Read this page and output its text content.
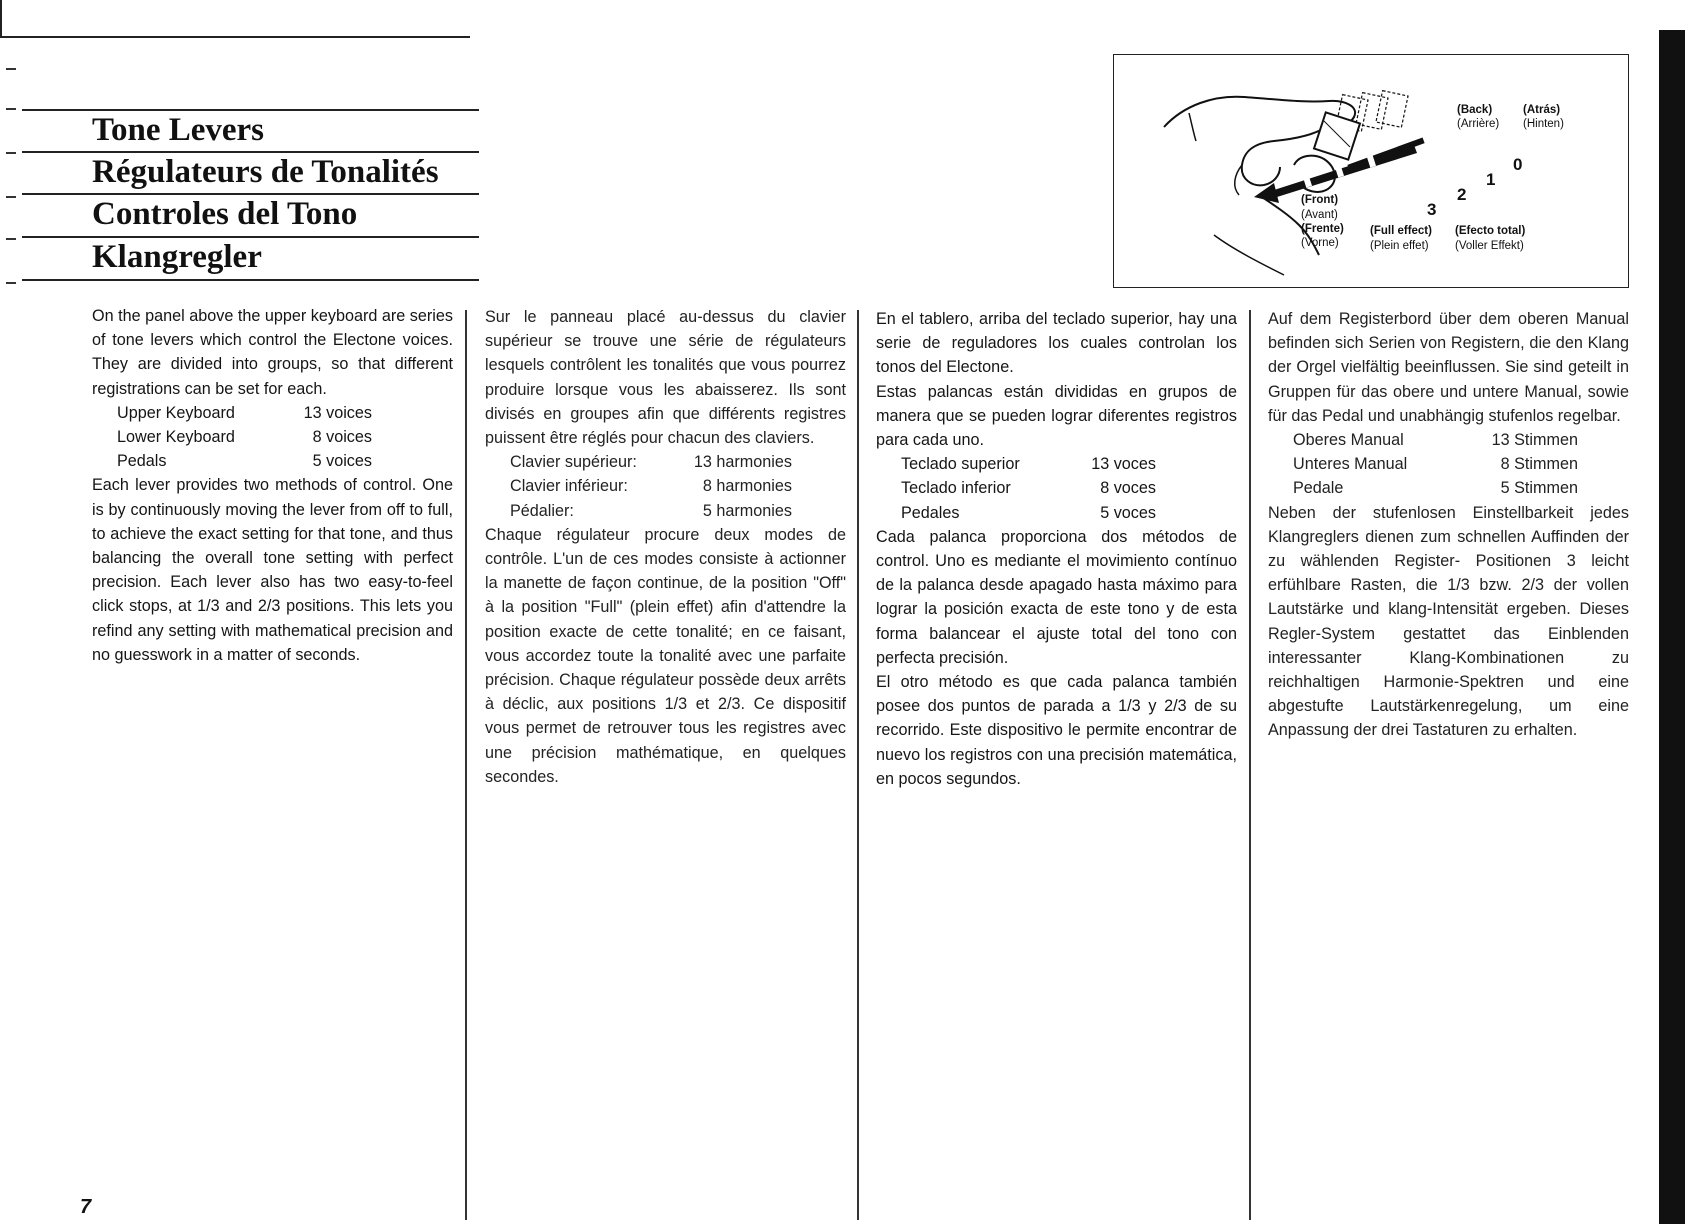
Tone Levers
Régulateurs de Tonalités
Controles del Tono
Klangregler
(Back)	(Atrás)
(Arrière) (Hinten)
0
1
2
3
(Front)
(Avant)
(Frente)
(Vorne)
(Full effect) (Efecto total)
(Plein effet) (Voller Effekt)

On the panel above the upper keyboard are series of tone levers which control the Electone voices. They are divided into groups, so that different registrations can be set for each.

Upper Keyboard	13 voices
Lower Keyboard	8 voices
Pedals	5 voices

Each lever provides two methods of control. One is by continuously moving the lever from off to full, to achieve the exact setting for that tone, and thus balancing the overall tone setting with perfect precision. Each lever also has two easy-to-feel click stops, at 1/3 and 2/3 positions. This lets you refind any setting with mathematical precision and no guesswork in a matter of seconds.

Sur le panneau placé au-dessus du clavier supérieur se trouve une série de régulateurs lesquels contrôlent les tonalités que vous pourrez produire lorsque vous les abaisserez. Ils sont divisés en groupes afin que différents registres puissent être réglés pour chacun des claviers.

Clavier supérieur:	13 harmonies
Clavier inférieur:	8 harmonies
Pédalier:	5 harmonies

Chaque régulateur procure deux modes de contrôle. L'un de ces modes consiste à actionner la manette de façon continue, de la position "Off" à la position "Full" (plein effet) afin d'attendre la position exacte de cette tonalité; en ce faisant, vous accordez toute la tonalité avec une parfaite précision. Chaque régulateur possède deux arrêts à déclic, aux positions 1/3 et 2/3. Ce dispositif vous permet de retrouver tous les registres avec une précision mathématique, en quelques secondes.

En el tablero, arriba del teclado superior, hay una serie de reguladores los cuales controlan los tonos del Electone.

Estas palancas están divididas en grupos de manera que se pueden lograr diferentes registros para cada uno.

Teclado superior	13 voces
Teclado inferior	8 voces
Pedales	5 voces

Cada palanca proporciona dos métodos de control. Uno es mediante el movimiento contínuo de la palanca desde apagado hasta máximo para lograr la posición exacta de este tono y de esta forma balancear el ajuste total del tono con perfecta precisión.

El otro método es que cada palanca también posee dos puntos de parada a 1/3 y 2/3 de su recorrido. Este dispositivo le permite encontrar de nuevo los registros con una precisión matemática, en pocos segundos.

Auf dem Registerbord über dem oberen Manual befinden sich Serien von Registern, die den Klang der Orgel vielfältig beeinflussen. Sie sind geteilt in Gruppen für das obere und untere Manual, sowie für das Pedal und unabhängig stufenlos regelbar.

Oberes Manual	13 Stimmen
Unteres Manual	8 Stimmen
Pedale	5 Stimmen

Neben der stufenlosen Einstellbarkeit jedes Klangreglers dienen zum schnellen Auffinden der zu wählenden Register- Positionen 3 leicht erfühlbare Rasten, die 1/3 bzw. 2/3 der vollen Lautstärke und klang-Intensität ergeben. Dieses Regler-System gestattet das Einblenden interessanter Klang-Kombinationen zu reichhaltigen Harmonie-Spektren und eine abgestufte Lautstärkenregelung, um eine Anpassung der drei Tastaturen zu erhalten.

7
